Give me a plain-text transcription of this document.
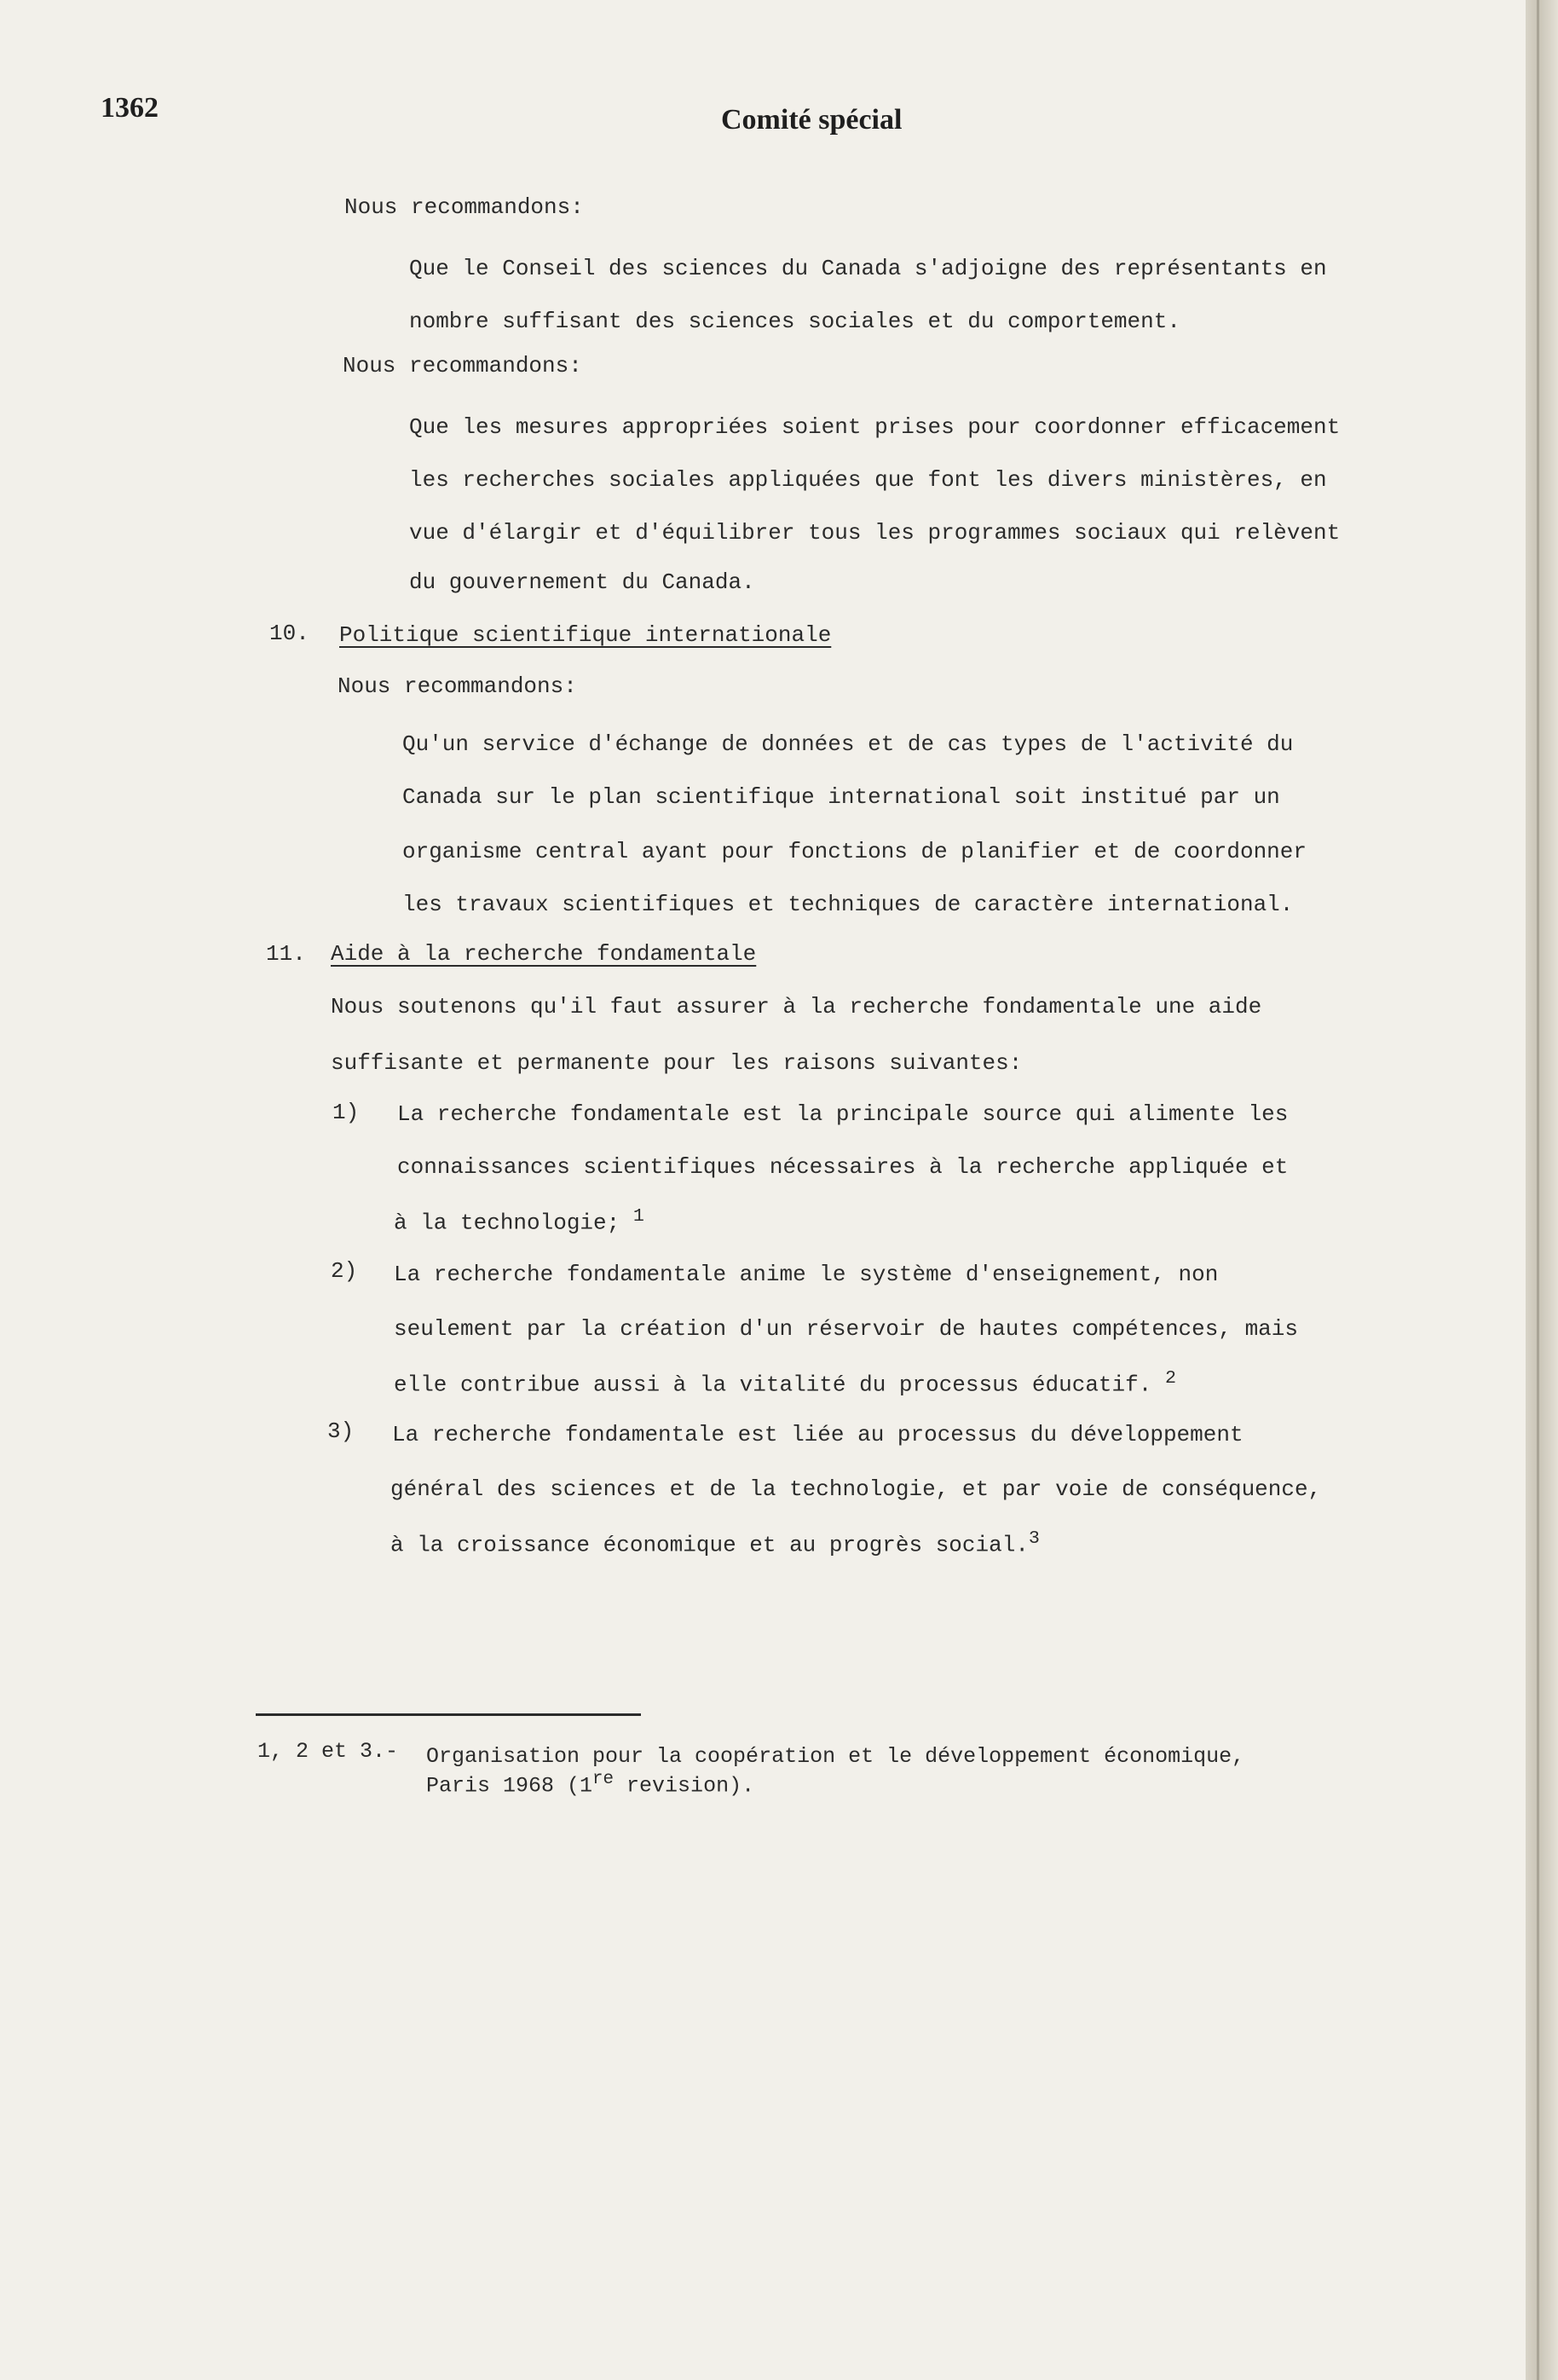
1362	Comité spécial
Nous recommandons:
Que le Conseil des sciences du Canada s'adjoigne des représentants en
nombre suffisant des sciences sociales et du comportement.
Nous recommandons:
Que les mesures appropriées soient prises pour coordonner efficacement
les recherches sociales appliquées que font les divers ministères, en
vue d'élargir et d'équilibrer tous les programmes sociaux qui relèvent
du gouvernement du Canada.
10. Politique scientifique internationale
Nous recommandons:
Qu'un service d'échange de données et de cas types de l'activité du
Canada sur le plan scientifique international soit institué par un
organisme central ayant pour fonctions de planifier et de coordonner
les travaux scientifiques et techniques de caractère international.
11. Aide à la recherche fondamentale
Nous soutenons qu'il faut assurer à la recherche fondamentale une aide
suffisante et permanente pour les raisons suivantes:
1) La recherche fondamentale est la principale source qui alimente les
connaissances scientifiques nécessaires à la recherche appliquée et
à la technologie; $^1$
2) La recherche fondamentale anime le système d'enseignement, non
seulement par la création d'un réservoir de hautes compétences, mais
elle contribue aussi à la vitalité du processus éducatif. $^2$
3) La recherche fondamentale est liée au processus du développement
général des sciences et de la technologie, et par voie de conséquence,
à la croissance économique et au progrès social.$^3$
1, 2 et 3.- Organisation pour la coopération et le développement économique,
Paris 1968 (1re revision).
